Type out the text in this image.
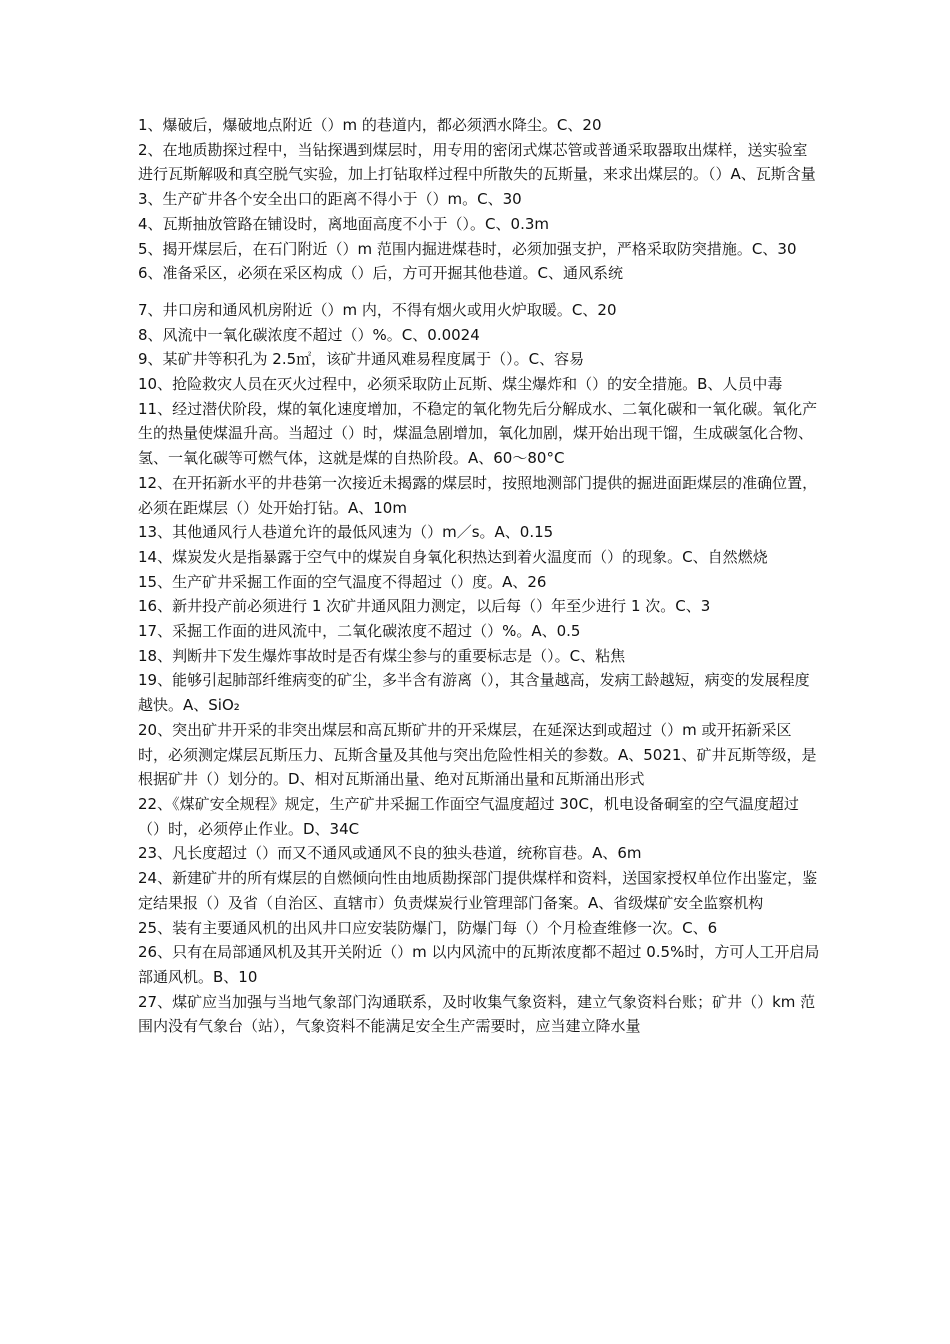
1、爆破后，爆破地点附近（）m 的巷道内，都必须洒水降尘。C、20

2、在地质勘探过程中，当钻探遇到煤层时，用专用的密闭式煤芯管或普通采取器取出煤样，送实验室进行瓦斯解吸和真空脱气实验，加上打钻取样过程中所散失的瓦斯量，来求出煤层的。（）A、瓦斯含量

3、生产矿井各个安全出口的距离不得小于（）m。C、30

4、瓦斯抽放管路在铺设时，离地面高度不小于（）。C、0.3m

5、揭开煤层后，在石门附近（）m 范围内掘进煤巷时，必须加强支护，严格采取防突措施。C、30

6、准备采区，必须在采区构成（）后，方可开掘其他巷道。C、通风系统

7、井口房和通风机房附近（）m 内，不得有烟火或用火炉取暖。C、20

8、风流中一氧化碳浓度不超过（）%。C、0.0024

9、某矿井等积孔为 2.5㎡，该矿井通风难易程度属于（）。C、容易

10、抢险救灾人员在灭火过程中，必须采取防止瓦斯、煤尘爆炸和（）的安全措施。B、人员中毒

11、经过潜伏阶段，煤的氧化速度增加，不稳定的氧化物先后分解成水、二氧化碳和一氧化碳。氧化产生的热量使煤温升高。当超过（）时，煤温急剧增加，氧化加剧，煤开始出现干馏，生成碳氢化合物、氢、一氧化碳等可燃气体，这就是煤的自热阶段。A、60～80°C

12、在开拓新水平的井巷第一次接近未揭露的煤层时，按照地测部门提供的掘进面距煤层的准确位置，必须在距煤层（）处开始打钻。A、10m

13、其他通风行人巷道允许的最低风速为（）m／s。A、0.15

14、煤炭发火是指暴露于空气中的煤炭自身氧化积热达到着火温度而（）的现象。C、自然燃烧

15、生产矿井采掘工作面的空气温度不得超过（）度。A、26

16、新井投产前必须进行 1 次矿井通风阻力测定，以后每（）年至少进行 1 次。C、3

17、采掘工作面的进风流中，二氧化碳浓度不超过（）%。A、0.5

18、判断井下发生爆炸事故时是否有煤尘参与的重要标志是（）。C、粘焦

19、能够引起肺部纤维病变的矿尘，多半含有游离（），其含量越高，发病工龄越短，病变的发展程度越快。A、SiO₂

20、突出矿井开采的非突出煤层和高瓦斯矿井的开采煤层，在延深达到或超过（）m 或开拓新采区时，必须测定煤层瓦斯压力、瓦斯含量及其他与突出危险性相关的参数。A、5021、矿井瓦斯等级，是根据矿井（）划分的。D、相对瓦斯涌出量、绝对瓦斯涌出量和瓦斯涌出形式

22、《煤矿安全规程》规定，生产矿井采掘工作面空气温度超过 30C，机电设备硐室的空气温度超过（）时，必须停止作业。D、34C

23、凡长度超过（）而又不通风或通风不良的独头巷道，统称盲巷。A、6m

24、新建矿井的所有煤层的自燃倾向性由地质勘探部门提供煤样和资料，送国家授权单位作出鉴定，鉴定结果报（）及省（自治区、直辖市）负责煤炭行业管理部门备案。A、省级煤矿安全监察机构

25、装有主要通风机的出风井口应安装防爆门，防爆门每（）个月检查维修一次。C、6

26、只有在局部通风机及其开关附近（）m 以内风流中的瓦斯浓度都不超过 0.5%时，方可人工开启局部通风机。B、10

27、煤矿应当加强与当地气象部门沟通联系，及时收集气象资料，建立气象资料台账；矿井（）km 范围内没有气象台（站），气象资料不能满足安全生产需要时，应当建立降水量
